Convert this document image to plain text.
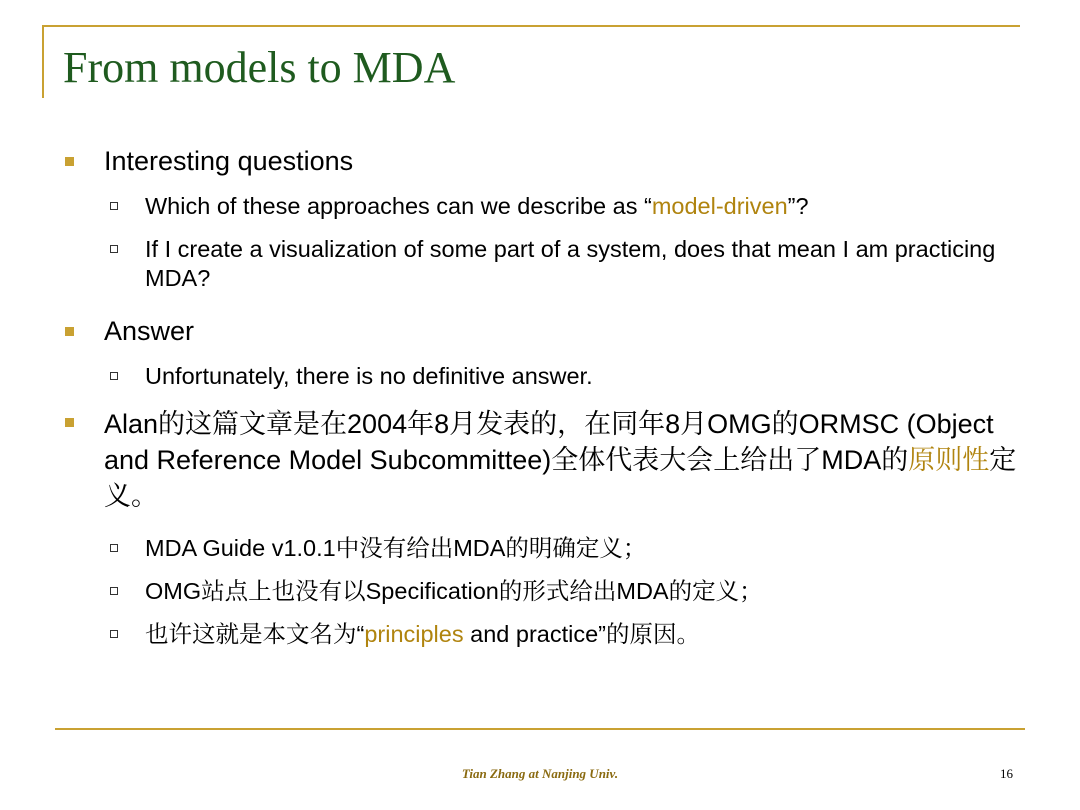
From models to MDA
Interesting questions
Which of these approaches can we describe as “model-driven”?
If I create a visualization of some part of a system, does that mean I am practicing MDA?
Answer
Unfortunately, there is no definitive answer.
Alan的这篇文章是在2004年8月发表的，在同年8月OMG的ORMSC (Object and Reference Model Subcommittee)全体代表大会上给出了MDA的原则性定义。
MDA Guide v1.0.1中没有给出MDA的明确定义；
OMG站点上也没有以Specification的形式给出MDA的定义；
也许这就是本文名为“principles and practice”的原因。
Tian Zhang at Nanjing Univ.	16
